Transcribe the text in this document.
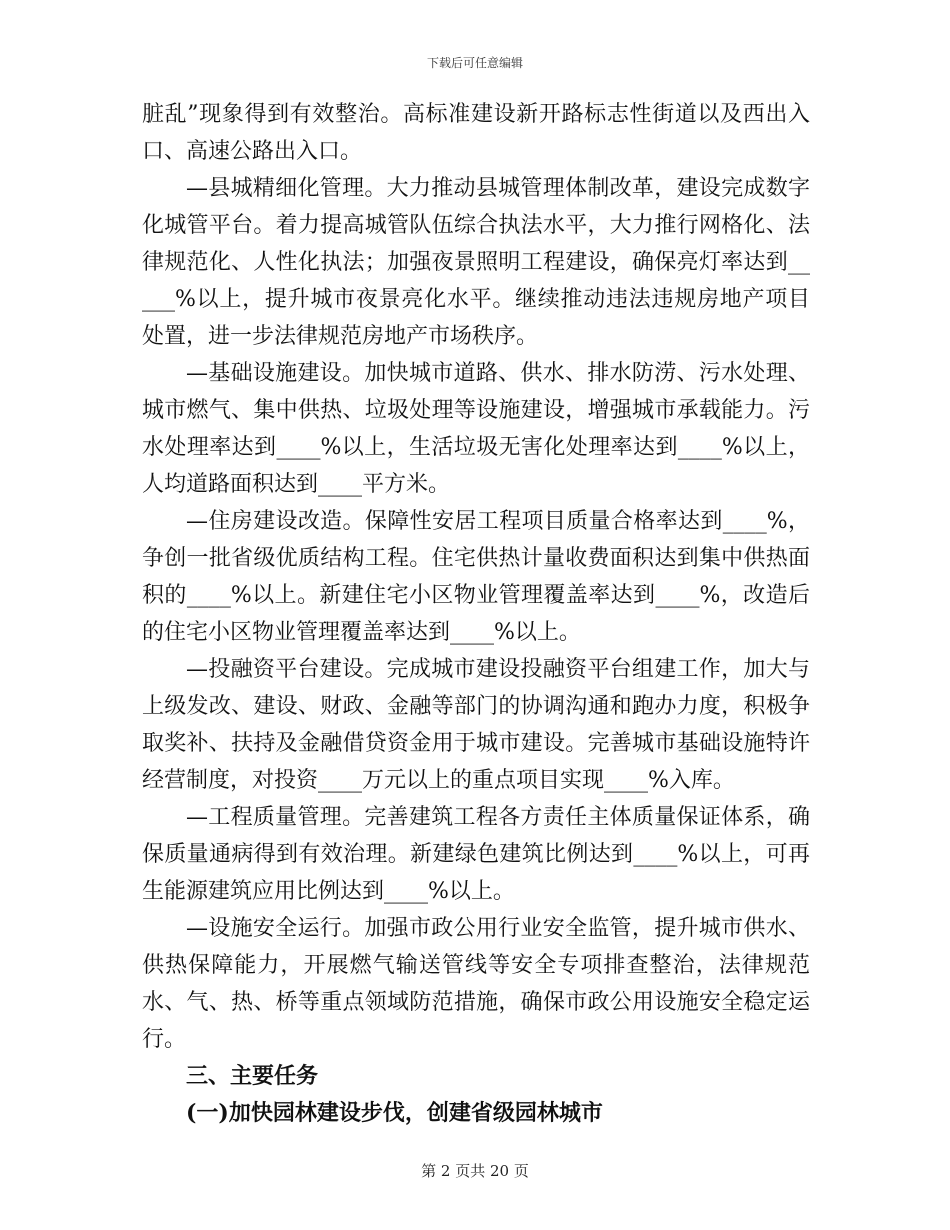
下载后可任意编辑

脏乱”现象得到有效整治。高标准建设新开路标志性街道以及西出入口、高速公路出入口。

—县城精细化管理。大力推动县城管理体制改革，建设完成数字化城管平台。着力提高城管队伍综合执法水平，大力推行网格化、法律规范化、人性化执法；加强夜景照明工程建设，确保亮灯率达到_____%以上，提升城市夜景亮化水平。继续推动违法违规房地产项目处置，进一步法律规范房地产市场秩序。

—基础设施建设。加快城市道路、供水、排水防涝、污水处理、城市燃气、集中供热、垃圾处理等设施建设，增强城市承载能力。污水处理率达到____%以上，生活垃圾无害化处理率达到____%以上，人均道路面积达到____平方米。

—住房建设改造。保障性安居工程项目质量合格率达到____%，争创一批省级优质结构工程。住宅供热计量收费面积达到集中供热面积的____%以上。新建住宅小区物业管理覆盖率达到____%，改造后的住宅小区物业管理覆盖率达到____%以上。

—投融资平台建设。完成城市建设投融资平台组建工作，加大与上级发改、建设、财政、金融等部门的协调沟通和跑办力度，积极争取奖补、扶持及金融借贷资金用于城市建设。完善城市基础设施特许经营制度，对投资____万元以上的重点项目实现____%入库。

—工程质量管理。完善建筑工程各方责任主体质量保证体系，确保质量通病得到有效治理。新建绿色建筑比例达到____%以上，可再生能源建筑应用比例达到____%以上。

—设施安全运行。加强市政公用行业安全监管，提升城市供水、供热保障能力，开展燃气输送管线等安全专项排查整治，法律规范水、气、热、桥等重点领域防范措施，确保市政公用设施安全稳定运行。

三、主要任务

(一)加快园林建设步伐，创建省级园林城市

第 2 页共 20 页
